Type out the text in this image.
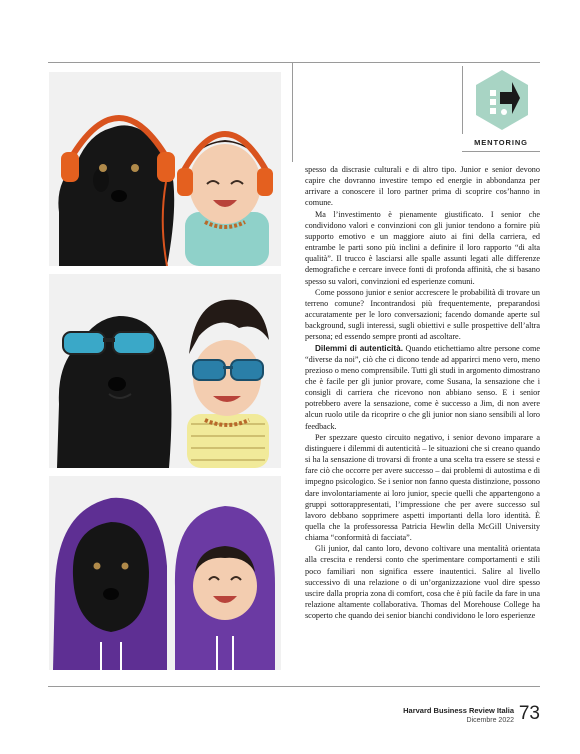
MENTORING

spesso da discrasie culturali e di altro tipo. Junior e senior devono capire che dovranno investire tempo ed energie in abbondanza per arrivare a conoscere il loro partner prima di scoprire cos’hanno in comune.

Ma l’investimento è pienamente giustificato. I senior che condividono valori e convinzioni con gli junior tendono a fornire più supporto emotivo e un maggiore aiuto ai fini della carriera, ed entrambe le parti sono più inclini a definire il loro rapporto “di alta qualità”. Il trucco è lasciarsi alle spalle assunti legati alle differenze demografiche e cercare invece fonti di profonda affinità, che si basano spesso su valori, convinzioni ed esperienze comuni.

Come possono junior e senior accrescere le probabilità di trovare un terreno comune? Incontrandosi più frequentemente, preparandosi accuratamente per le loro conversazioni; facendo domande aperte sul background, sugli interessi, sugli obiettivi e sulle prospettive dell’altra persona; ed essendo sempre pronti ad ascoltare.

Dilemmi di autenticità. Quando etichettiamo altre persone come “diverse da noi”, ciò che ci dicono tende ad apparirci meno vero, meno prezioso o meno comprensibile. Tutti gli studi in argomento dimostrano che è facile per gli junior provare, come Susana, la sensazione che i consigli di carriera che ricevono non abbiano senso. E i senior potrebbero avere la sensazione, come è successo a Jim, di non avere alcun ruolo utile da ricoprire o che gli junior non siano sensibili al loro feedback.

Per spezzare questo circuito negativo, i senior devono imparare a distinguere i dilemmi di autenticità – le situazioni che si creano quando si ha la sensazione di trovarsi di fronte a una scelta tra essere se stessi e fare ciò che occorre per avere successo – dai problemi di autostima e di impegno psicologico. Se i senior non fanno questa distinzione, possono dare involontariamente ai loro junior, specie quelli che appartengono a gruppi sottorappresentati, l’impressione che per avere successo sul lavoro debbano sopprimere aspetti importanti della loro identità. È quella che la professoressa Patricia Hewlin della McGill University chiama “conformità di facciata”.

Gli junior, dal canto loro, devono coltivare una mentalità orientata alla crescita e rendersi conto che sperimentare comportamenti e stili poco familiari non significa essere inautentici. Salire al livello successivo di una relazione o di un’organizzazione vuol dire spesso uscire dalla propria zona di comfort, cosa che è più facile da fare in una relazione altamente collaborativa. Thomas del Morehouse College ha scoperto che quando dei senior bianchi condividono le loro esperienze

Harvard Business Review Italia
Dicembre 2022 73
